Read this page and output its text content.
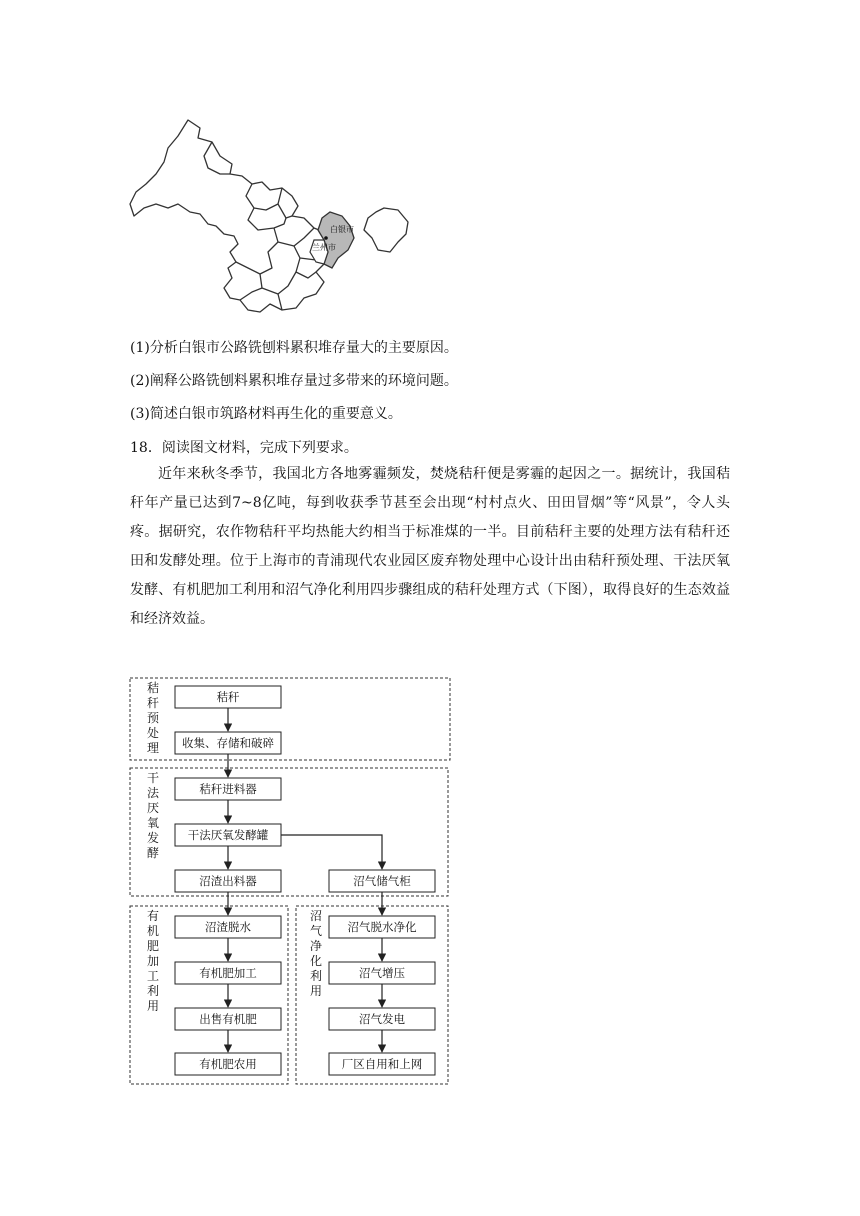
白银市
兰州市
(1)分析白银市公路铣刨料累积堆存量大的主要原因。
(2)阐释公路铣刨料累积堆存量过多带来的环境问题。
(3)简述白银市筑路材料再生化的重要意义。
18．阅读图文材料，完成下列要求。
近年来秋冬季节，我国北方各地雾霾频发，焚烧秸秆便是雾霾的起因之一。据统计，我国秸秆年产量已达到7~8亿吨，每到收获季节甚至会出现“村村点火、田田冒烟”等“风景”，令人头疼。据研究，农作物秸秆平均热能大约相当于标准煤的一半。目前秸秆主要的处理方法有秸秆还田和发酵处理。位于上海市的青浦现代农业园区废弃物处理中心设计出由秸秆预处理、干法厌氧发酵、有机肥加工利用和沼气净化利用四步骤组成的秸秆处理方式（下图），取得良好的生态效益和经济效益。
秸
秆
预
处
理
干
法
厌
氧
发
酵
有
机
肥
加
工
利
用
沼
气
净
化
利
用
秸秆
收集、存储和破碎
秸秆进料器
干法厌氧发酵罐
沼渣出料器	沼气储气柜
沼渣脱水
有机肥加工
出售有机肥
有机肥农用
沼气脱水净化
沼气增压
沼气发电
厂区自用和上网
